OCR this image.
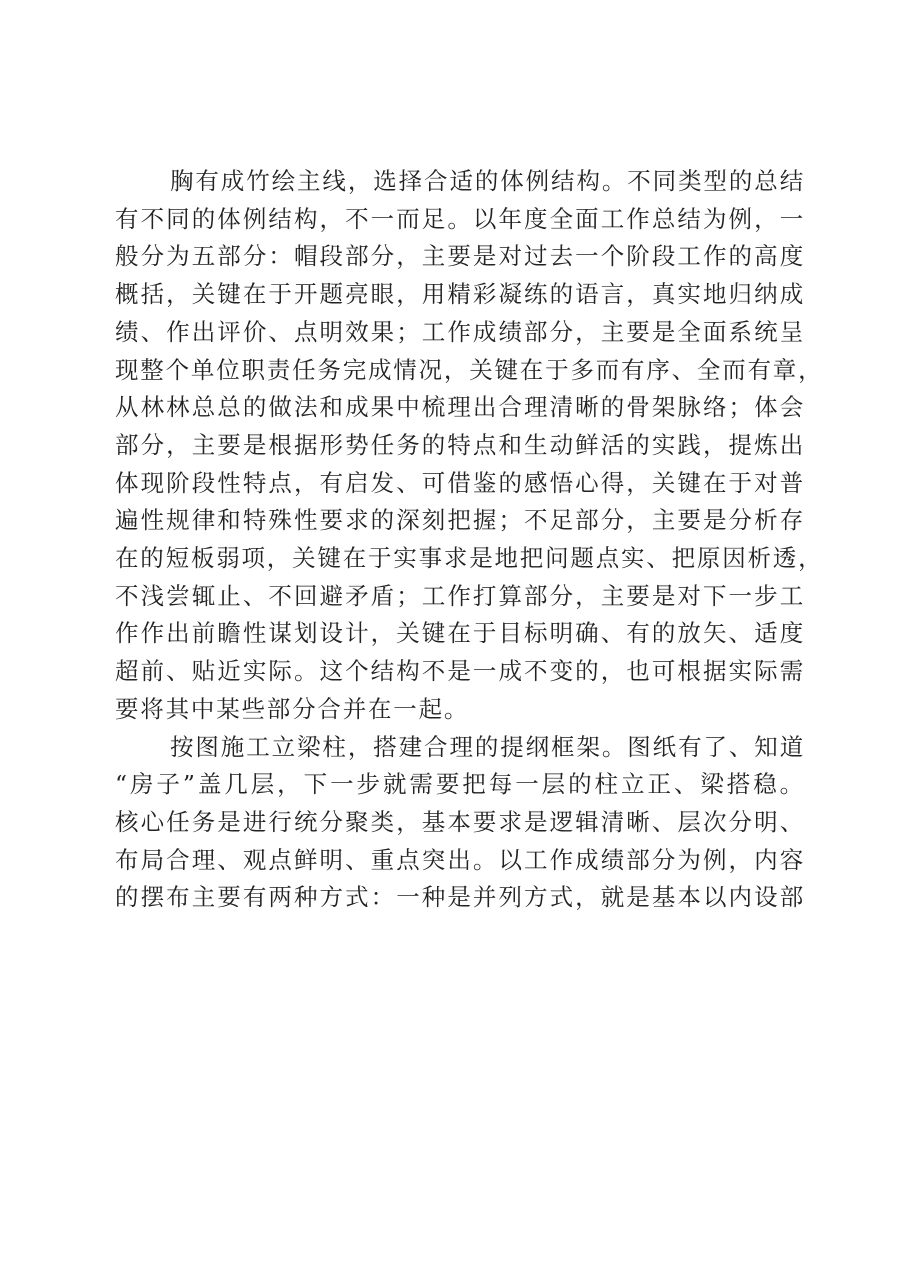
胸有成竹绘主线，选择合适的体例结构。不同类型的总结
有不同的体例结构，不一而足。以年度全面工作总结为例，一
般分为五部分：帽段部分，主要是对过去一个阶段工作的高度
概括，关键在于开题亮眼，用精彩凝练的语言，真实地归纳成
绩、作出评价、点明效果；工作成绩部分，主要是全面系统呈
现整个单位职责任务完成情况，关键在于多而有序、全而有章，
从林林总总的做法和成果中梳理出合理清晰的骨架脉络；体会
部分，主要是根据形势任务的特点和生动鲜活的实践，提炼出
体现阶段性特点，有启发、可借鉴的感悟心得，关键在于对普
遍性规律和特殊性要求的深刻把握；不足部分，主要是分析存
在的短板弱项，关键在于实事求是地把问题点实、把原因析透，
不浅尝辄止、不回避矛盾；工作打算部分，主要是对下一步工
作作出前瞻性谋划设计，关键在于目标明确、有的放矢、适度
超前、贴近实际。这个结构不是一成不变的，也可根据实际需
要将其中某些部分合并在一起。
按图施工立梁柱，搭建合理的提纲框架。图纸有了、知道
“房子”盖几层，下一步就需要把每一层的柱立正、梁搭稳。
核心任务是进行统分聚类，基本要求是逻辑清晰、层次分明、
布局合理、观点鲜明、重点突出。以工作成绩部分为例，内容
的摆布主要有两种方式：一种是并列方式，就是基本以内设部
